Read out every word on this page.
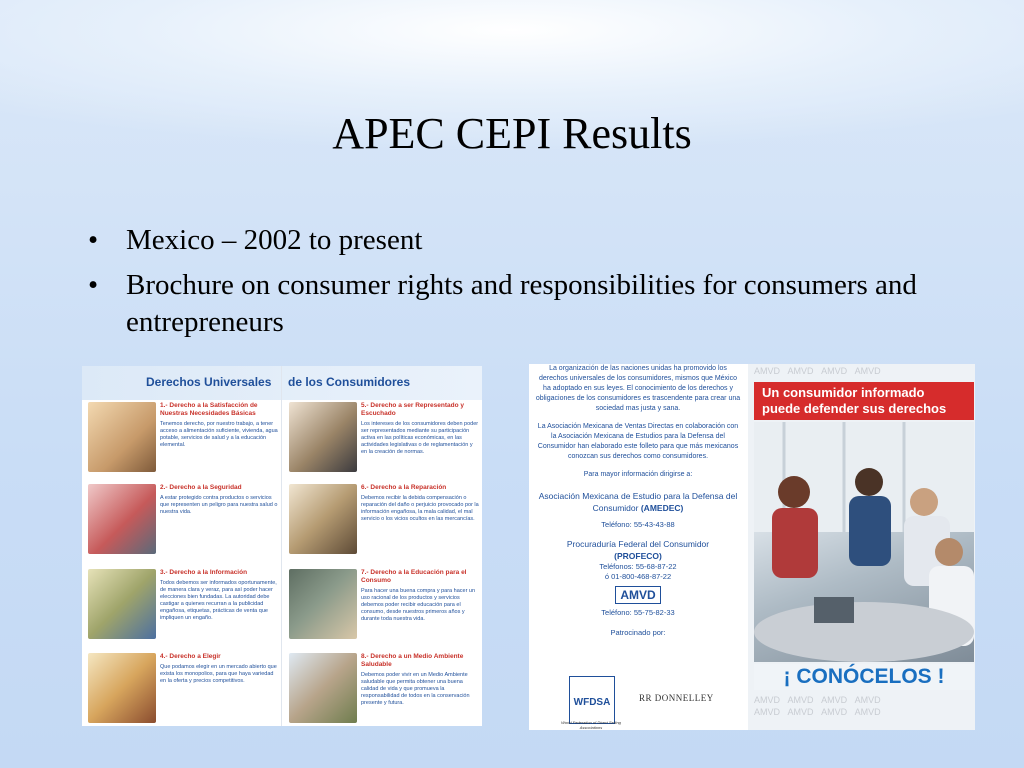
APEC CEPI Results
• Mexico – 2002 to present
• Brochure on consumer rights and responsibilities for consumers and entrepreneurs
Derechos Universales de los Consumidores
1.- Derecho a la Satisfacción de Nuestras Necesidades Básicas
Tenemos derecho, por nuestro trabajo, a tener acceso a alimentación suficiente, vivienda, agua potable, servicios de salud y a la educación elemental.
2.- Derecho a la Seguridad
A estar protegido contra productos o servicios que representen un peligro para nuestra salud o nuestra vida.
3.- Derecho a la Información
Todos debemos ser informados oportunamente, de manera clara y veraz, para así poder hacer elecciones bien fundadas. La autoridad debe castigar a quienes recurran a la publicidad engañosa, etiquetas, prácticas de venta que impliquen un engaño.
4.- Derecho a Elegir
Que podamos elegir en un mercado abierto que exista los monopolios, para que haya variedad en la oferta y precios competitivos.
5.- Derecho a ser Representado y Escuchado
Los intereses de los consumidores deben poder ser representados mediante su participación activa en las políticas económicas, en las actividades legislativas o de reglamentación y en la creación de normas.
6.- Derecho a la Reparación
Debemos recibir la debida compensación o reparación del daño o perjuicio provocado por la información engañosa, la mala calidad, el mal servicio o los vicios ocultos en las mercancías.
7.- Derecho a la Educación para el Consumo
Para hacer una buena compra y para hacer un uso racional de los productos y servicios debemos poder recibir educación para el consumo, desde nuestros primeros años y durante toda nuestra vida.
8.- Derecho a un Medio Ambiente Saludable
Debemos poder vivir en un Medio Ambiente saludable que permita obtener una buena calidad de vida y que promueva la responsabilidad de todos en la conservación presente y futura.

La organización de las naciones unidas ha promovido los derechos universales de los consumidores, mismos que México ha adoptado en sus leyes. El conocimiento de los derechos y obligaciones de los consumidores es trascendente para crear una sociedad mas justa y sana.

La Asociación Mexicana de Ventas Directas en colaboración con la Asociación Mexicana de Estudios para la Defensa del Consumidor han elaborado este folleto para que más mexicanos conozcan sus derechos como consumidores.

Para mayor información dirigirse a:

Asociación Mexicana de Estudio para la Defensa del Consumidor (AMEDEC)
Teléfono: 55-43-43-88
Procuraduría Federal del Consumidor
(PROFECO)
Teléfonos: 55-68-87-22
ó 01-800-468-87-22
AMVD
Teléfono: 55-75-82-33
Patrocinado por:
WFDSA
World Federation of Direct Selling Associations
RR DONNELLEY
AMVD AMVD AMVD AMVD
Un consumidor informado puede defender sus derechos
¡ CONÓCELOS !
AMVD AMVD AMVD AMVD
AMVD AMVD AMVD AMVD
